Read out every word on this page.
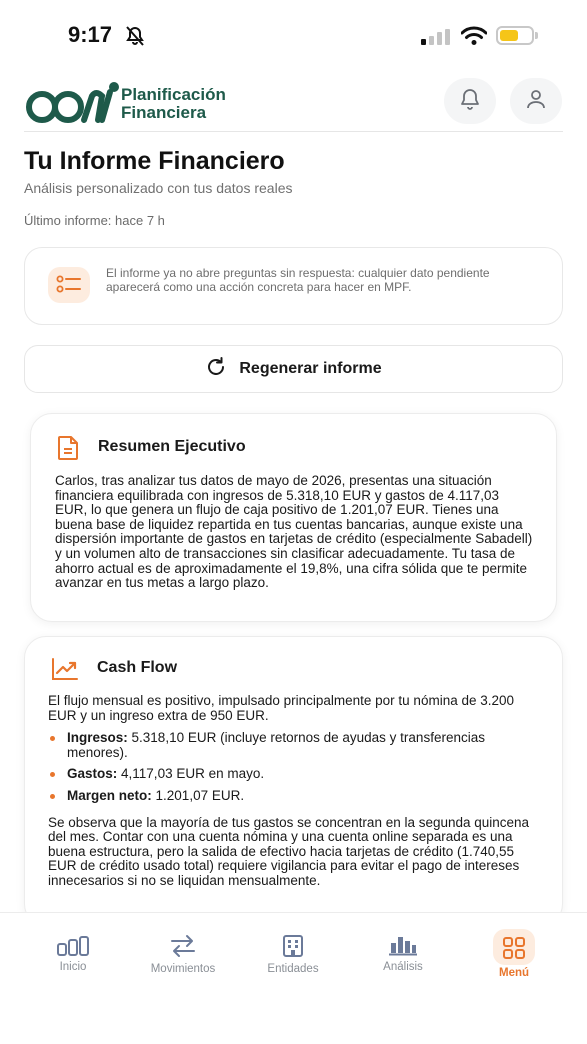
9:17
Planificación
Financiera
Tu Informe Financiero
Análisis personalizado con tus datos reales
Último informe: hace 7 h

El informe ya no abre preguntas sin respuesta: cualquier dato pendiente aparecerá como una acción concreta para hacer en MPF.

Regenerar informe
Resumen Ejecutivo

Carlos, tras analizar tus datos de mayo de 2026, presentas una situación financiera equilibrada con ingresos de 5.318,10 EUR y gastos de 4.117,03 EUR, lo que genera un flujo de caja positivo de 1.201,07 EUR. Tienes una buena base de liquidez repartida en tus cuentas bancarias, aunque existe una dispersión importante de gastos en tarjetas de crédito (especialmente Sabadell) y un volumen alto de transacciones sin clasificar adecuadamente. Tu tasa de ahorro actual es de aproximadamente el 19,8%, una cifra sólida que te permite avanzar en tus metas a largo plazo.

Cash Flow

El flujo mensual es positivo, impulsado principalmente por tu nómina de 3.200 EUR y un ingreso extra de 950 EUR.

Ingresos: 5.318,10 EUR (incluye retornos de ayudas y transferencias menores).
Gastos: 4,117,03 EUR en mayo.
Margen neto: 1.201,07 EUR.

Se observa que la mayoría de tus gastos se concentran en la segunda quincena del mes. Contar con una cuenta nómina y una cuenta online separada es una buena estructura, pero la salida de efectivo hacia tarjetas de crédito (1.740,55 EUR de crédito usado total) requiere vigilancia para evitar el pago de intereses innecesarios si no se liquidan mensualmente.

Inicio	Movimientos	Entidades	Análisis	Menú
